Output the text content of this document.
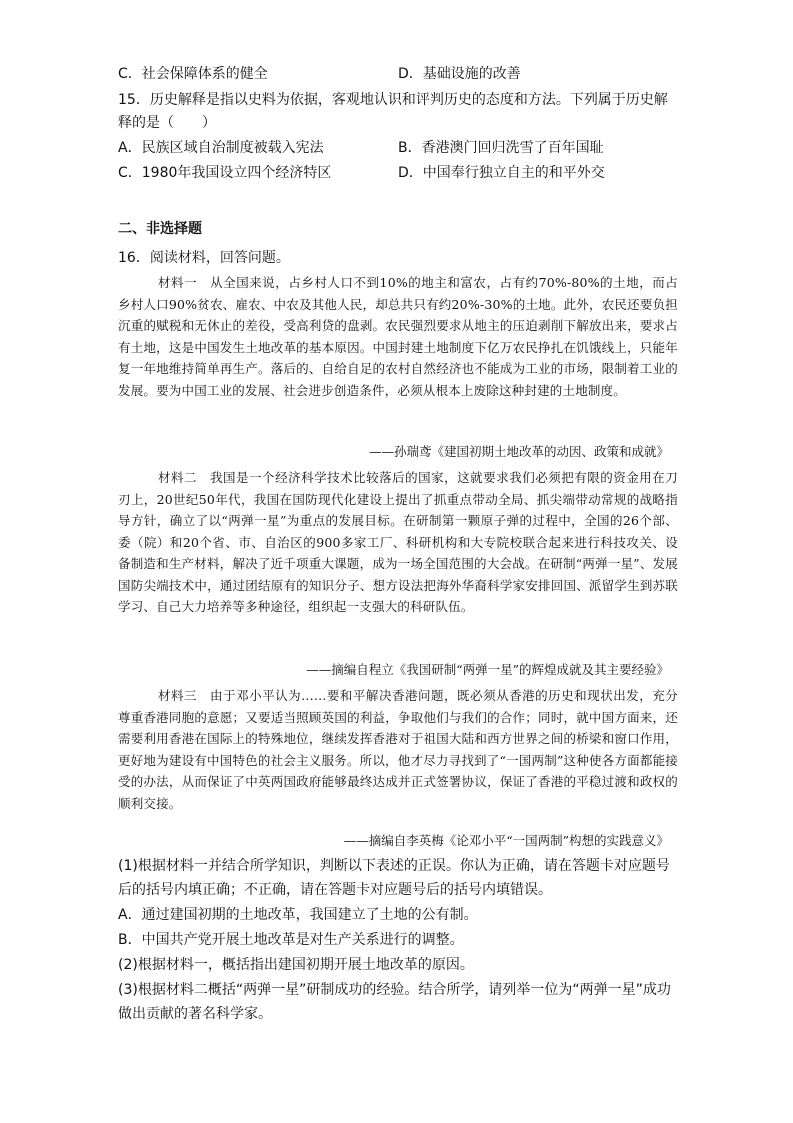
C．社会保障体系的健全	D．基础设施的改善
15．历史解释是指以史料为依据，客观地认识和评判历史的态度和方法。下列属于历史解
释的是（　　）
A．民族区域自治制度被载入宪法	B．香港澳门回归洗雪了百年国耻
C．1980年我国设立四个经济特区	D．中国奉行独立自主的和平外交
二、非选择题
16．阅读材料，回答问题。

材料一　从全国来说，占乡村人口不到10%的地主和富农，占有约70%-80%的土地，而占乡村人口90%贫农、雇农、中农及其他人民，却总共只有约20%-30%的土地。此外，农民还要负担沉重的赋税和无休止的差役，受高利贷的盘剥。农民强烈要求从地主的压迫剥削下解放出来，要求占有土地，这是中国发生土地改革的基本原因。中国封建土地制度下亿万农民挣扎在饥饿线上，只能年复一年地维持简单再生产。落后的、自给自足的农村自然经济也不能成为工业的市场，限制着工业的发展。要为中国工业的发展、社会进步创造条件，必须从根本上废除这种封建的土地制度。

——孙瑞鸢《建国初期土地改革的动因、政策和成就》

材料二　我国是一个经济科学技术比较落后的国家，这就要求我们必须把有限的资金用在刀刃上，20世纪50年代，我国在国防现代化建设上提出了抓重点带动全局、抓尖端带动常规的战略指导方针，确立了以“两弹一星”为重点的发展目标。在研制第一颗原子弹的过程中，全国的26个部、委（院）和20个省、市、自治区的900多家工厂、科研机构和大专院校联合起来进行科技攻关、设备制造和生产材料，解决了近千项重大课题，成为一场全国范围的大会战。在研制“两弹一星”、发展国防尖端技术中，通过团结原有的知识分子、想方设法把海外华裔科学家安排回国、派留学生到苏联学习、自己大力培养等多种途径，组织起一支强大的科研队伍。

——摘编自程立《我国研制“两弹一星”的辉煌成就及其主要经验》

材料三　由于邓小平认为……要和平解决香港问题，既必须从香港的历史和现状出发，充分尊重香港同胞的意愿；又要适当照顾英国的利益，争取他们与我们的合作；同时，就中国方面来，还需要利用香港在国际上的特殊地位，继续发挥香港对于祖国大陆和西方世界之间的桥梁和窗口作用，更好地为建设有中国特色的社会主义服务。所以，他才尽力寻找到了“一国两制”这种使各方面都能接受的办法，从而保证了中英两国政府能够最终达成并正式签署协议，保证了香港的平稳过渡和政权的顺利交接。

——摘编自李英梅《论邓小平“一国两制”构想的实践意义》
(1)根据材料一并结合所学知识，判断以下表述的正误。你认为正确，请在答题卡对应题号
后的括号内填正确；不正确，请在答题卡对应题号后的括号内填错误。
A．通过建国初期的土地改革，我国建立了土地的公有制。
B．中国共产党开展土地改革是对生产关系进行的调整。
(2)根据材料一，概括指出建国初期开展土地改革的原因。
(3)根据材料二概括“两弹一星”研制成功的经验。结合所学，请列举一位为“两弹一星”成功
做出贡献的著名科学家。
